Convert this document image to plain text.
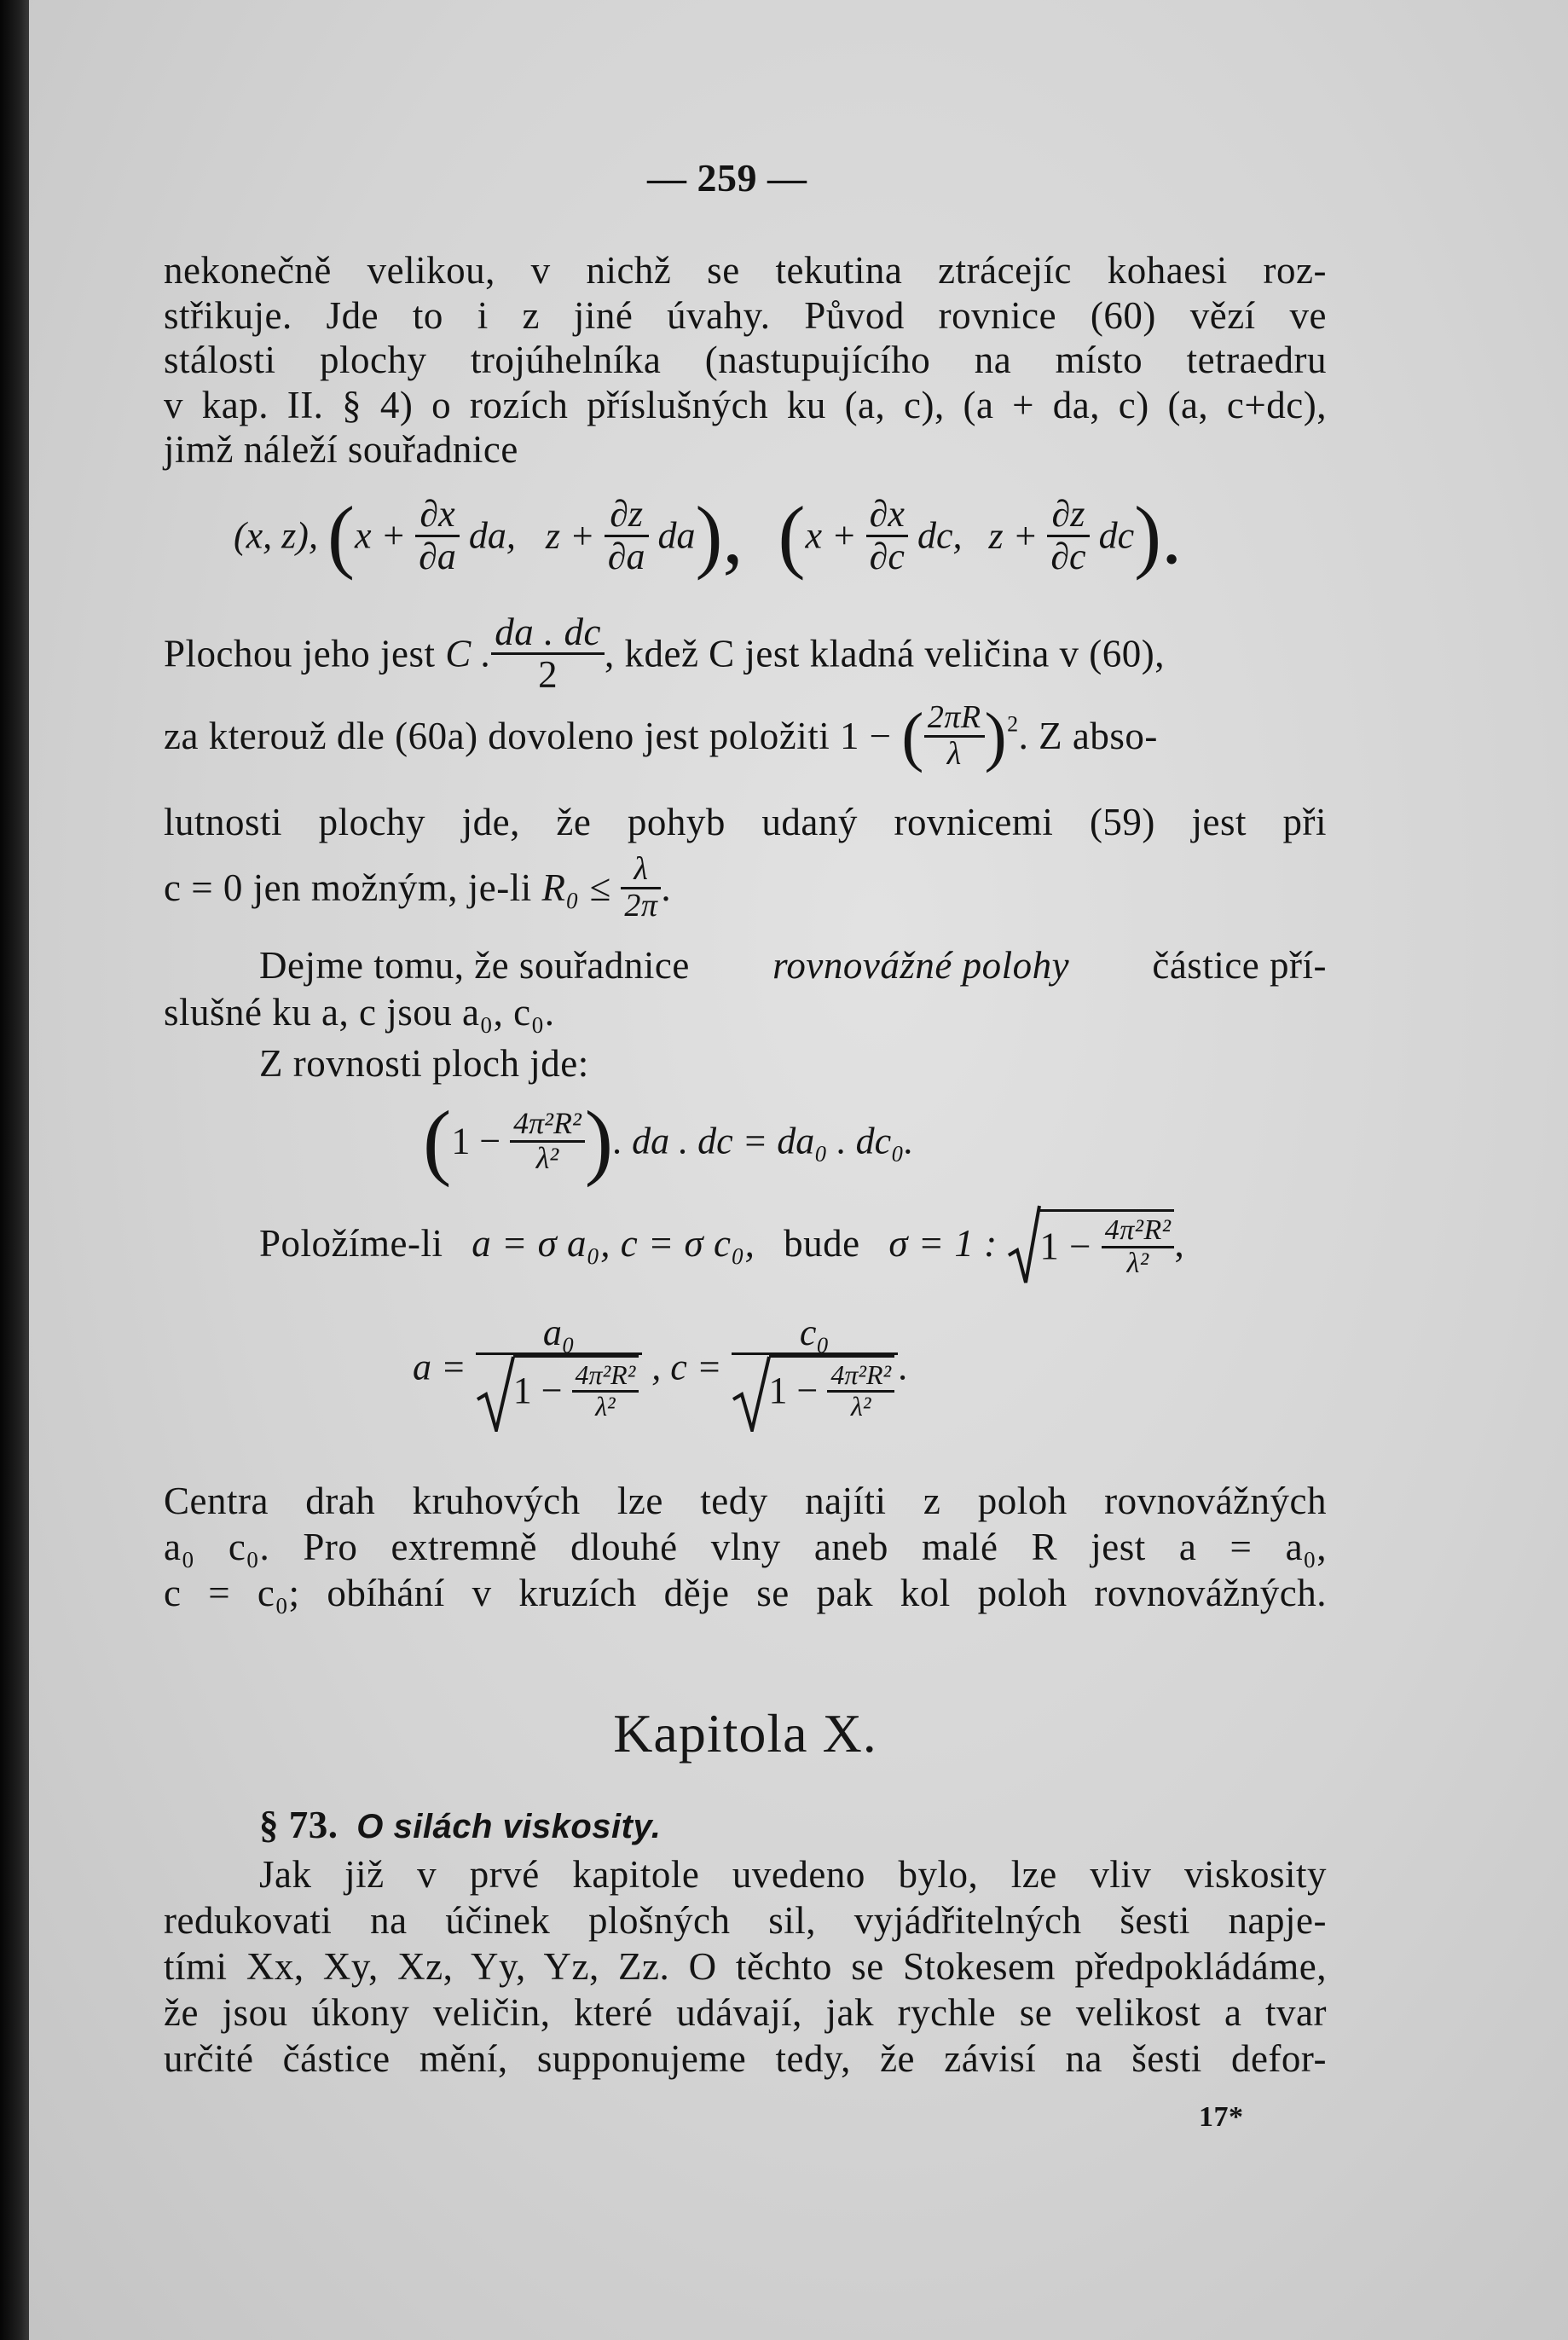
— 259 —
nekonečně velikou, v nichž se tekutina ztrácejíc kohaesi roz-
střikuje. Jde to i z jiné úvahy. Původ rovnice (60) vězí ve
stálosti plochy trojúhelníka (nastupujícího na místo tetraedru
v kap. II. § 4) o rozích příslušných ku (a, c), (a + da, c) (a, c+dc),
jimž náleží souřadnice
(x, z), ($x + \frac{\partial x}{\partial a}$ da, $z + \frac{\partial z}{\partial a} da$), ($x + \frac{\partial x}{\partial c}$ dc, $z + \frac{\partial z}{\partial c} dc$).
Plochou jeho jest C . $\frac{da . dc}{2}$ , kdež C jest kladná veličina v (60),
za kterouž dle (60a) dovoleno jest položiti 1 − ( $\frac{2\pi R}{\lambda} )^2$. Z abso-
lutnosti plochy jde, že pohyb udaný rovnicemi (59) jest při
c = 0 jen možným, je-li $R_0 \le \frac{\lambda}{2\pi}$ .
Dejme tomu, že souřadnice rovnovážné polohy částice pří-
slušné ku a, c jsou a₀, c₀.
Z rovnosti ploch jde:
($1 - \frac{\text{4π²R²}}{\text{λ²}}$ ). da . dc = da₀ . dc₀.
Položíme-li a = σ a₀, c = σ c₀, bude σ = 1 : $1 - \frac{\text{4π²R²}}{\text{λ²}}$ ,
$a = \frac{\text{a₀}}{1 - \frac{\text{4π²R²}}{\text{λ²}}}$ , $c = \frac{\text{c₀}}{1 - \frac{\text{4π²R²}}{\text{λ²}}}$ .
Centra drah kruhových lze tedy najíti z poloh rovnovážných
a₀ c₀. Pro extremně dlouhé vlny aneb malé R jest a = a₀,
c = c₀; obíhání v kruzích děje se pak kol poloh rovnovážných.
Kapitola X.
§ 73. O silách viskosity.
Jak již v prvé kapitole uvedeno bylo, lze vliv viskosity
redukovati na účinek plošných sil, vyjádřitelných šesti napje-
tími Xx, Xy, Xz, Yy, Yz, Zz. O těchto se Stokesem předpokládáme,
že jsou úkony veličin, které udávají, jak rychle se velikost a tvar
určité částice mění, supponujeme tedy, že závisí na šesti defor-
17*
